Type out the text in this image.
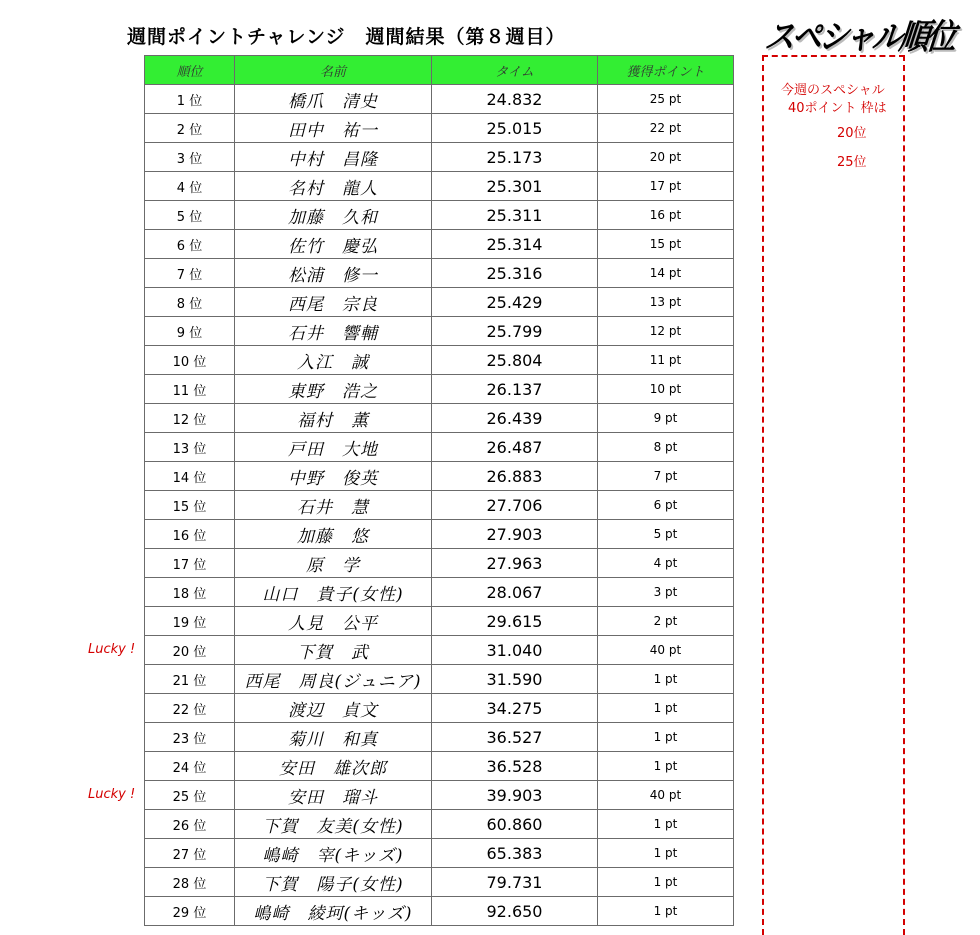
週間ポイントチャレンジ　週間結果（第８週目）	スペシャル順位
今週のスペシャル
40ポイント 枠は
20位
25位
順位	名前	タイム	獲得ポイント
1 位	橋爪　清史	24.832	25 pt
2 位	田中　祐一	25.015	22 pt
3 位	中村　昌隆	25.173	20 pt
4 位	名村　龍人	25.301	17 pt
5 位	加藤　久和	25.311	16 pt
6 位	佐竹　慶弘	25.314	15 pt
7 位	松浦　修一	25.316	14 pt
8 位	西尾　宗良	25.429	13 pt
9 位	石井　響輔	25.799	12 pt
10 位	入江　誠	25.804	11 pt
11 位	東野　浩之	26.137	10 pt
12 位	福村　薫	26.439	9 pt
13 位	戸田　大地	26.487	8 pt
14 位	中野　俊英	26.883	7 pt
15 位	石井　慧	27.706	6 pt
16 位	加藤　悠	27.903	5 pt
17 位	原　学	27.963	4 pt
18 位	山口　貴子(女性)	28.067	3 pt
19 位	人見　公平	29.615	2 pt
20 位	下賀　武	31.040	40 pt
21 位	西尾　周良(ジュニア)	31.590	1 pt
22 位	渡辺　貞文	34.275	1 pt
23 位	菊川　和真	36.527	1 pt
24 位	安田　雄次郎	36.528	1 pt
25 位	安田　瑠斗	39.903	40 pt
26 位	下賀　友美(女性)	60.860	1 pt
27 位	嶋崎　宰(キッズ)	65.383	1 pt
28 位	下賀　陽子(女性)	79.731	1 pt
29 位	嶋崎　綾珂(キッズ)	92.650	1 pt
Lucky !
Lucky !
